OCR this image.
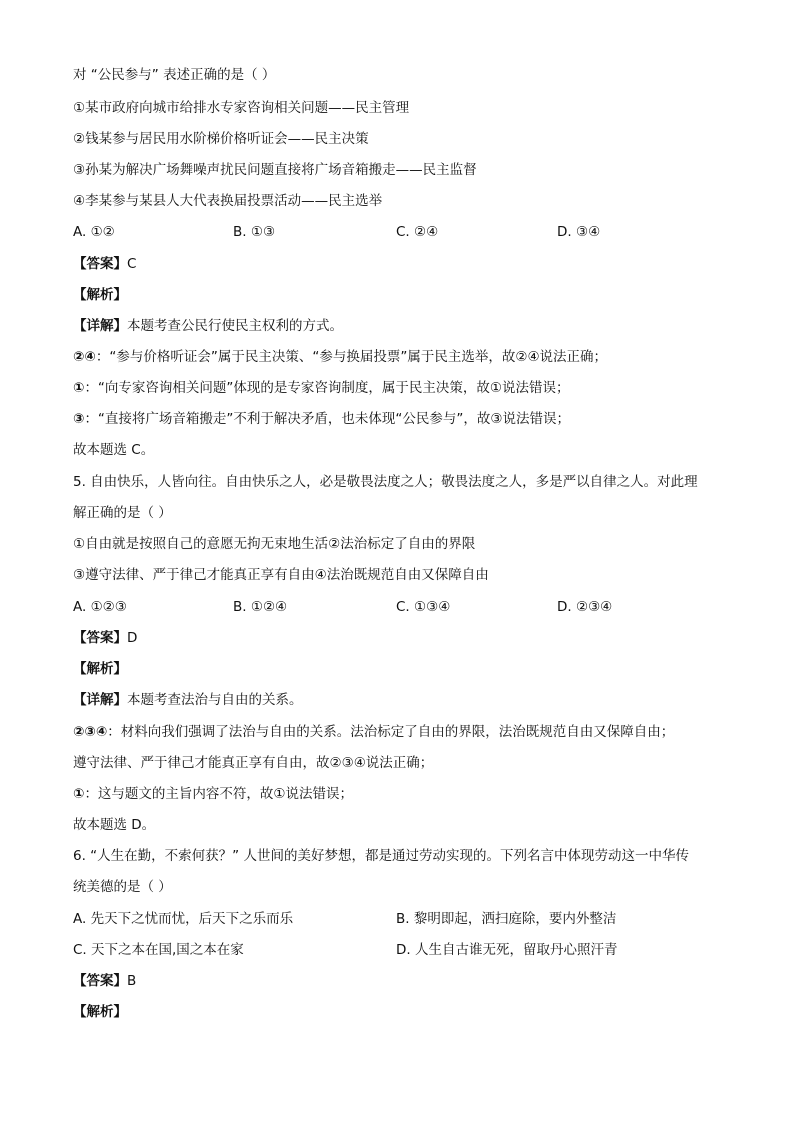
对 “公民参与” 表述正确的是（ ）
①某市政府向城市给排水专家咨询相关问题——民主管理
②钱某参与居民用水阶梯价格听证会——民主决策
③孙某为解决广场舞噪声扰民问题直接将广场音箱搬走——民主监督
④李某参与某县人大代表换届投票活动——民主选举
A. ①②	B. ①③	C. ②④	D. ③④
【答案】C
【解析】
【详解】本题考查公民行使民主权利的方式。
②④：“参与价格听证会”属于民主决策、“参与换届投票”属于民主选举，故②④说法正确；
①：“向专家咨询相关问题”体现的是专家咨询制度，属于民主决策，故①说法错误；
③：“直接将广场音箱搬走”不利于解决矛盾，也未体现“公民参与”，故③说法错误；
故本题选 C。
5. 自由快乐，人皆向往。自由快乐之人，必是敬畏法度之人；敬畏法度之人，多是严以自律之人。对此理
解正确的是（ ）
①自由就是按照自己的意愿无拘无束地生活②法治标定了自由的界限
③遵守法律、严于律己才能真正享有自由④法治既规范自由又保障自由
A. ①②③	B. ①②④	C. ①③④	D. ②③④
【答案】D
【解析】
【详解】本题考查法治与自由的关系。
②③④：材料向我们强调了法治与自由的关系。法治标定了自由的界限，法治既规范自由又保障自由；
遵守法律、严于律己才能真正享有自由，故②③④说法正确；
①：这与题文的主旨内容不符，故①说法错误；
故本题选 D。
6. “人生在勤，不索何获？” 人世间的美好梦想，都是通过劳动实现的。下列名言中体现劳动这一中华传
统美德的是（ ）
A. 先天下之忧而忧，后天下之乐而乐	B. 黎明即起，洒扫庭除，要内外整洁
C. 天下之本在国,国之本在家	D. 人生自古谁无死，留取丹心照汗青
【答案】B
【解析】
